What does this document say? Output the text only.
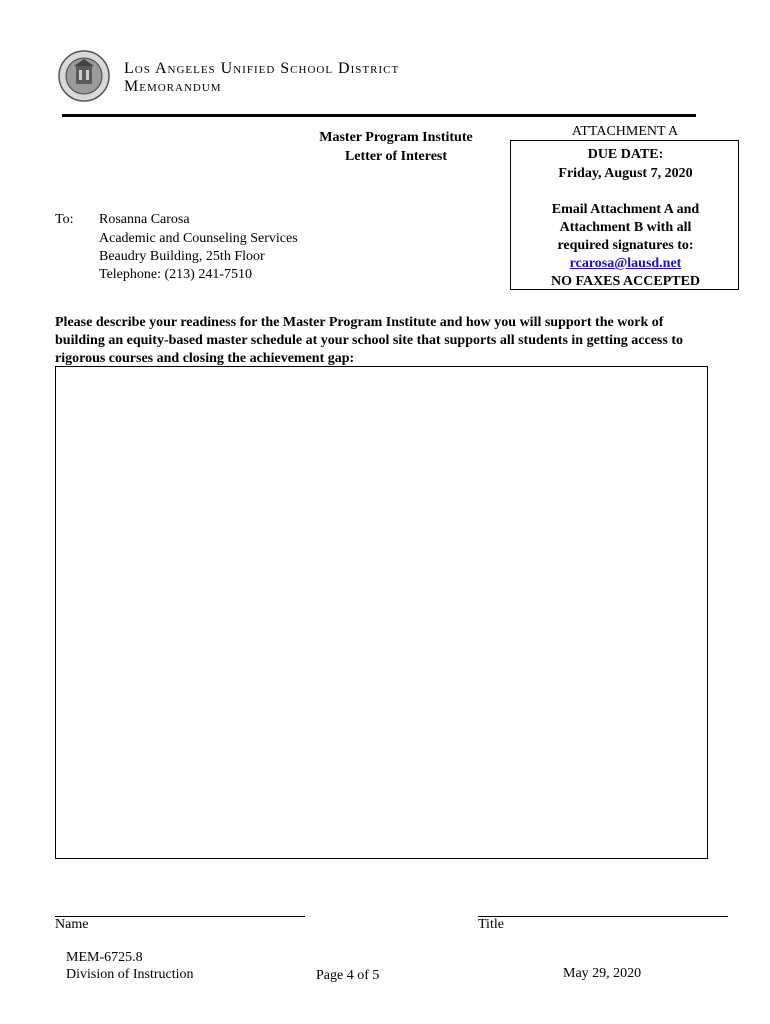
Los Angeles Unified School District
Memorandum
Master Program Institute
Letter of Interest
ATTACHMENT A
DUE DATE:
Friday, August 7, 2020
Email Attachment A and
Attachment B with all
required signatures to:
rcarosa@lausd.net
NO FAXES ACCEPTED
To: Rosanna Carosa
Academic and Counseling Services
Beaudry Building, 25th Floor
Telephone: (213) 241-7510
Please describe your readiness for the Master Program Institute and how you will support the work of
building an equity-based master schedule at your school site that supports all students in getting access to
rigorous courses and closing the achievement gap:
Name	Title
MEM-6725.8
Division of Instruction	Page 4 of 5	May 29, 2020
